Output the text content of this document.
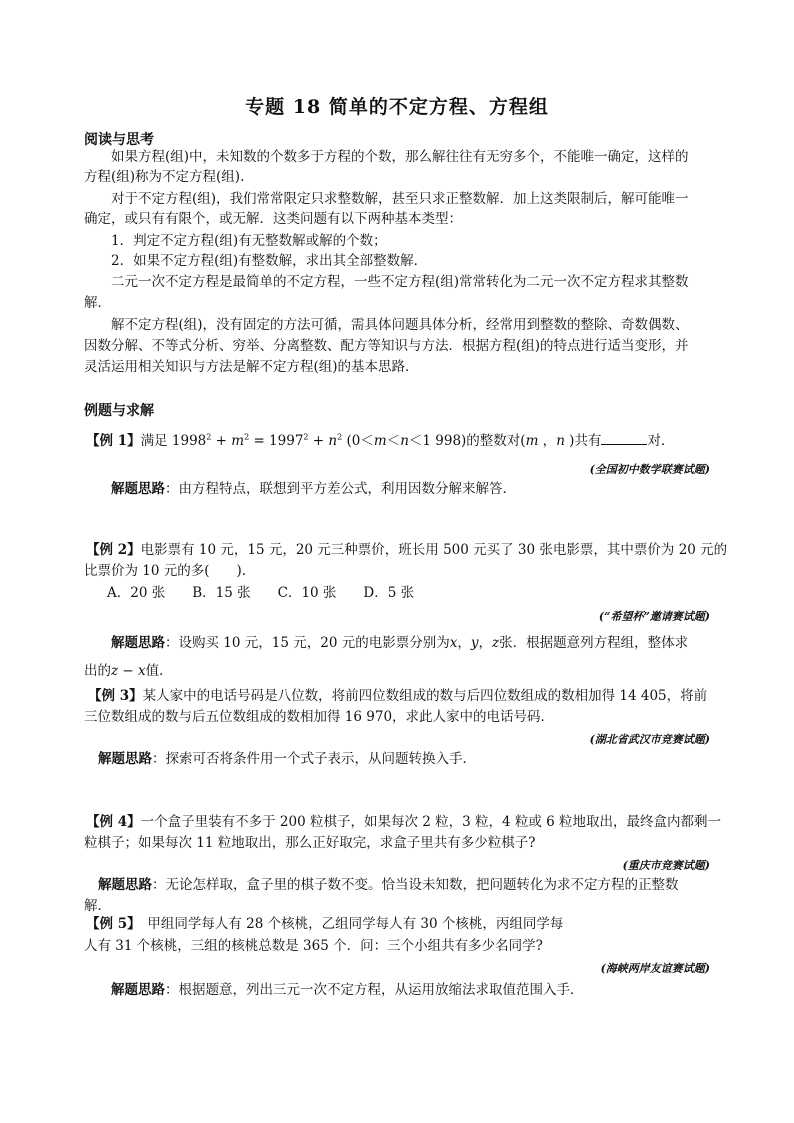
专题 18 简单的不定方程、方程组
阅读与思考
如果方程(组)中，未知数的个数多于方程的个数，那么解往往有无穷多个，不能唯一确定，这样的
方程(组)称为不定方程(组).
对于不定方程(组)，我们常常限定只求整数解，甚至只求正整数解．加上这类限制后，解可能唯一
确定，或只有有限个，或无解．这类问题有以下两种基本类型：
1．判定不定方程(组)有无整数解或解的个数；
2．如果不定方程(组)有整数解，求出其全部整数解．
二元一次不定方程是最简单的不定方程，一些不定方程(组)常常转化为二元一次不定方程求其整数
解．
解不定方程(组)，没有固定的方法可循，需具体问题具体分析，经常用到整数的整除、奇数偶数、
因数分解、不等式分析、穷举、分离整数、配方等知识与方法．根据方程(组)的特点进行适当变形，并
灵活运用相关知识与方法是解不定方程(组)的基本思路．
例题与求解
【例 1】满足 $1998^2 + m^2 = 1997^2 + n^2$ (0＜m＜n＜1 998)的整数对(m ，n )共有	对．
(全国初中数学联赛试题)
解题思路：由方程特点，联想到平方差公式，利用因数分解来解答．
【例 2】电影票有 10 元，15 元，20 元三种票价，班长用 500 元买了 30 张电影票，其中票价为 20 元的
比票价为 10 元的多(　　).
A．20 张　　B．15 张　　C．10 张　　D．5 张
(“希望杯”邀请赛试题)
解题思路：设购买 10 元，15 元，20 元的电影票分别为x，y，z张．根据题意列方程组，整体求
出的z − x值．
【例 3】某人家中的电话号码是八位数，将前四位数组成的数与后四位数组成的数相加得 14 405，将前
三位数组成的数与后五位数组成的数相加得 16 970，求此人家中的电话号码．
(湖北省武汉市竞赛试题)
解题思路：探索可否将条件用一个式子表示，从问题转换入手．
【例 4】一个盒子里装有不多于 200 粒棋子，如果每次 2 粒，3 粒，4 粒或 6 粒地取出，最终盒内都剩一
粒棋子；如果每次 11 粒地取出，那么正好取完，求盒子里共有多少粒棋子?
(重庆市竞赛试题)
解题思路：无论怎样取，盒子里的棋子数不变。恰当设未知数，把问题转化为求不定方程的正整数
解．
【例 5】　甲组同学每人有 28 个核桃，乙组同学每人有 30 个核桃，丙组同学每
人有 31 个核桃，三组的核桃总数是 365 个．问：三个小组共有多少名同学?
(海峡两岸友谊赛试题)
解题思路：根据题意，列出三元一次不定方程，从运用放缩法求取值范围入手．
